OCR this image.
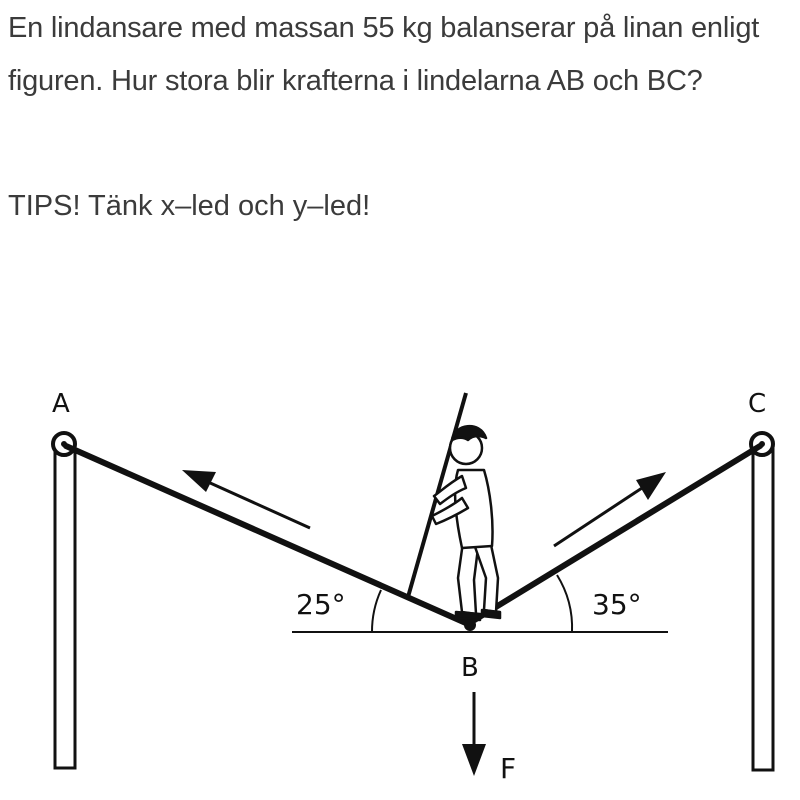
En lindansare med massan 55 kg balanserar på linan enligt figuren. Hur stora blir krafterna i lindelarna AB och BC?

TIPS! Tänk x–led och y–led!

A	C
B
25°	35°
F
